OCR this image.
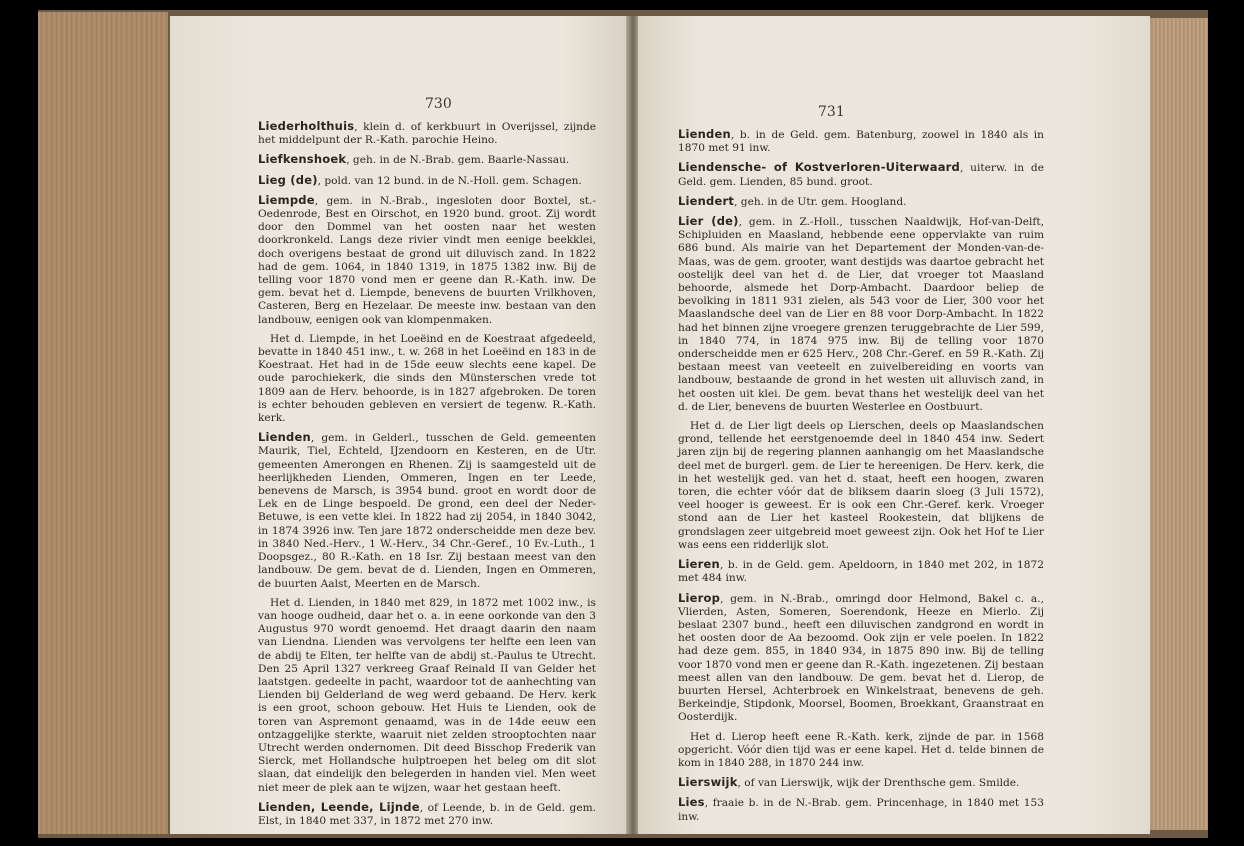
730

Liederholthuis, klein d. of kerkbuurt in Overijssel, zijnde het middelpunt der R.-Kath. parochie Heino.

Liefkenshoek, geh. in de N.-Brab. gem. Baarle-Nassau.

Lieg (de), pold. van 12 bund. in de N.-Holl. gem. Schagen.

Liempde, gem. in N.-Brab., ingesloten door Boxtel, st.-Oedenrode, Best en Oirschot, en 1920 bund. groot. Zij wordt door den Dommel van het oosten naar het westen doorkronkeld. Langs deze rivier vindt men eenige beekklei, doch overigens bestaat de grond uit diluvisch zand. In 1822 had de gem. 1064, in 1840 1319, in 1875 1382 inw. Bij de telling voor 1870 vond men er geene dan R.-Kath. inw. De gem. bevat het d. Liempde, benevens de buurten Vrilkhoven, Casteren, Berg en Hezelaar. De meeste inw. bestaan van den landbouw, eenigen ook van klompenmaken.

Het d. Liempde, in het Loeëind en de Koestraat afgedeeld, bevatte in 1840 451 inw., t. w. 268 in het Loeëind en 183 in de Koestraat. Het had in de 15de eeuw slechts eene kapel. De oude parochiekerk, die sinds den Münsterschen vrede tot 1809 aan de Herv. behoorde, is in 1827 afgebroken. De toren is echter behouden gebleven en versiert de tegenw. R.-Kath. kerk.

Lienden, gem. in Gelderl., tusschen de Geld. gemeenten Maurik, Tiel, Echteld, IJzendoorn en Kesteren, en de Utr. gemeenten Amerongen en Rhenen. Zij is saamgesteld uit de heerlijkheden Lienden, Ommeren, Ingen en ter Leede, benevens de Marsch, is 3954 bund. groot en wordt door de Lek en de Linge bespoeld. De grond, een deel der Neder-Betuwe, is een vette klei. In 1822 had zij 2054, in 1840 3042, in 1874 3926 inw. Ten jare 1872 onderscheidde men deze bev. in 3840 Ned.-Herv., 1 W.-Herv., 34 Chr.-Geref., 10 Ev.-Luth., 1 Doopsgez., 80 R.-Kath. en 18 Isr. Zij bestaan meest van den landbouw. De gem. bevat de d. Lienden, Ingen en Ommeren, de buurten Aalst, Meerten en de Marsch.

Het d. Lienden, in 1840 met 829, in 1872 met 1002 inw., is van hooge oudheid, daar het o. a. in eene oorkonde van den 3 Augustus 970 wordt genoemd. Het draagt daarin den naam van Liendna. Lienden was vervolgens ter helfte een leen van de abdij te Elten, ter helfte van de abdij st.-Paulus te Utrecht. Den 25 April 1327 verkreeg Graaf Reinald II van Gelder het laatstgen. gedeelte in pacht, waardoor tot de aanhechting van Lienden bij Gelderland de weg werd gebaand. De Herv. kerk is een groot, schoon gebouw. Het Huis te Lienden, ook de toren van Aspremont genaamd, was in de 14de eeuw een ontzaggelijke sterkte, waaruit niet zelden strooptochten naar Utrecht werden ondernomen. Dit deed Bisschop Frederik van Sierck, met Hollandsche hulptroepen het beleg om dit slot slaan, dat eindelijk den belegerden in handen viel. Men weet niet meer de plek aan te wijzen, waar het gestaan heeft.

Lienden, Leende, Lijnde, of Leende, b. in de Geld. gem. Elst, in 1840 met 337, in 1872 met 270 inw.

731

Lienden, b. in de Geld. gem. Batenburg, zoowel in 1840 als in 1870 met 91 inw.

Liendensche- of Kostverloren-Uiterwaard, uiterw. in de Geld. gem. Lienden, 85 bund. groot.

Liendert, geh. in de Utr. gem. Hoogland.

Lier (de), gem. in Z.-Holl., tusschen Naaldwijk, Hof-van-Delft, Schipluiden en Maasland, hebbende eene oppervlakte van ruim 686 bund. Als mairie van het Departement der Monden-van-de-Maas, was de gem. grooter, want destijds was daartoe gebracht het oostelijk deel van het d. de Lier, dat vroeger tot Maasland behoorde, alsmede het Dorp-Ambacht. Daardoor beliep de bevolking in 1811 931 zielen, als 543 voor de Lier, 300 voor het Maaslandsche deel van de Lier en 88 voor Dorp-Ambacht. In 1822 had het binnen zijne vroegere grenzen teruggebrachte de Lier 599, in 1840 774, in 1874 975 inw. Bij de telling voor 1870 onderscheidde men er 625 Herv., 208 Chr.-Geref. en 59 R.-Kath. Zij bestaan meest van veeteelt en zuivelbereiding en voorts van landbouw, bestaande de grond in het westen uit alluvisch zand, in het oosten uit klei. De gem. bevat thans het westelijk deel van het d. de Lier, benevens de buurten Westerlee en Oostbuurt.

Het d. de Lier ligt deels op Lierschen, deels op Maaslandschen grond, tellende het eerstgenoemde deel in 1840 454 inw. Sedert jaren zijn bij de regering plannen aanhangig om het Maaslandsche deel met de burgerl. gem. de Lier te hereenigen. De Herv. kerk, die in het westelijk ged. van het d. staat, heeft een hoogen, zwaren toren, die echter vóór dat de bliksem daarin sloeg (3 Juli 1572), veel hooger is geweest. Er is ook een Chr.-Geref. kerk. Vroeger stond aan de Lier het kasteel Rookestein, dat blijkens de grondslagen zeer uitgebreid moet geweest zijn. Ook het Hof te Lier was eens een ridderlijk slot.

Lieren, b. in de Geld. gem. Apeldoorn, in 1840 met 202, in 1872 met 484 inw.

Lierop, gem. in N.-Brab., omringd door Helmond, Bakel c. a., Vlierden, Asten, Someren, Soerendonk, Heeze en Mierlo. Zij beslaat 2307 bund., heeft een diluvischen zandgrond en wordt in het oosten door de Aa bezoomd. Ook zijn er vele poelen. In 1822 had deze gem. 855, in 1840 934, in 1875 890 inw. Bij de telling voor 1870 vond men er geene dan R.-Kath. ingezetenen. Zij bestaan meest allen van den landbouw. De gem. bevat het d. Lierop, de buurten Hersel, Achterbroek en Winkelstraat, benevens de geh. Berkeindje, Stipdonk, Moorsel, Boomen, Broekkant, Graanstraat en Oosterdijk.

Het d. Lierop heeft eene R.-Kath. kerk, zijnde de par. in 1568 opgericht. Vóór dien tijd was er eene kapel. Het d. telde binnen de kom in 1840 288, in 1870 244 inw.

Lierswijk, of van Lierswijk, wijk der Drenthsche gem. Smilde.

Lies, fraaie b. in de N.-Brab. gem. Princenhage, in 1840 met 153 inw.
